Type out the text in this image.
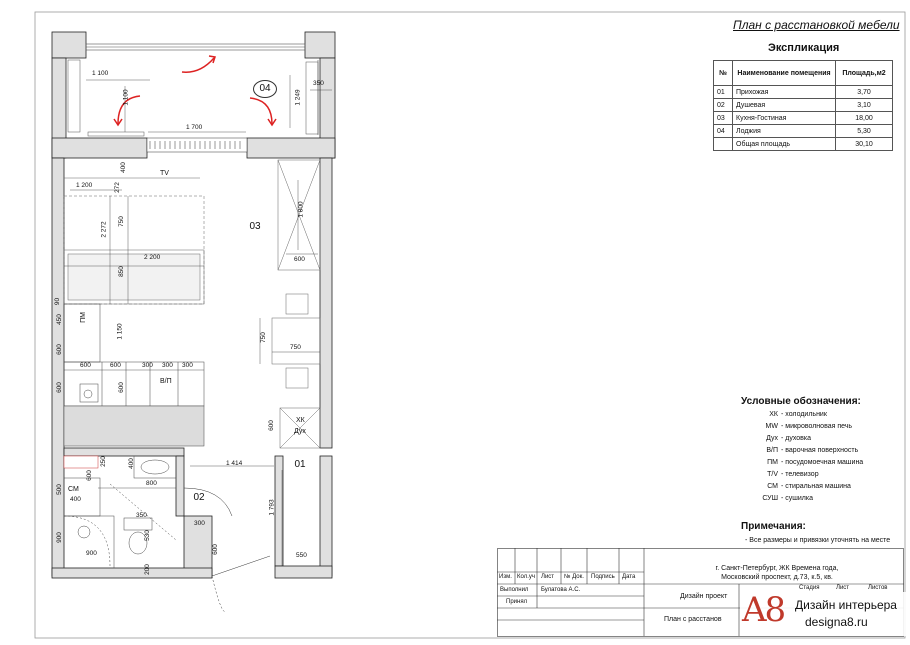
04
03
02
01
TV
ПМ
В/П
ХК
Дух
СМ
1 100
1 100
350
1 249
1 700
400
272
1 200
1 800
2 272 750
2 200	600
850
90
450
1 150	750
600
600	600	300 300 300
750
600	600
600
1 414
250	400
600
800
500
400	1 793
350
530
300
600
900
900
200
550
План с расстановкой мебели
Экспликация
№	Наименование помещения	Площадь,м2
01	Прихожая	3,70
02	Душевая	3,10
03	Кухня-Гостиная	18,00
04	Лоджия	5,30
	Общая площадь	30,10
Условные обозначения:
ХК - холодильник
MW - микроволновая печь
Дух - духовка
В/П - варочная поверхность
ПМ - посудомоечная машина
T/V - телевизор
СМ - стиральная машина
СУШ - сушилка
Примечания:
- Все размеры и привязки уточнять на месте
г. Санкт-Петербург, ЖК Времена года,
Московский проспект, д.73, к.5, кв.
Изм. Кол.уч Лист № Док. Подпись Дата
Выполнил Булатова А.С.
Принял
Дизайн проект
План с расстанов
Стадия	Лист	Листов
A8 Дизайн интерьера
designa8.ru
